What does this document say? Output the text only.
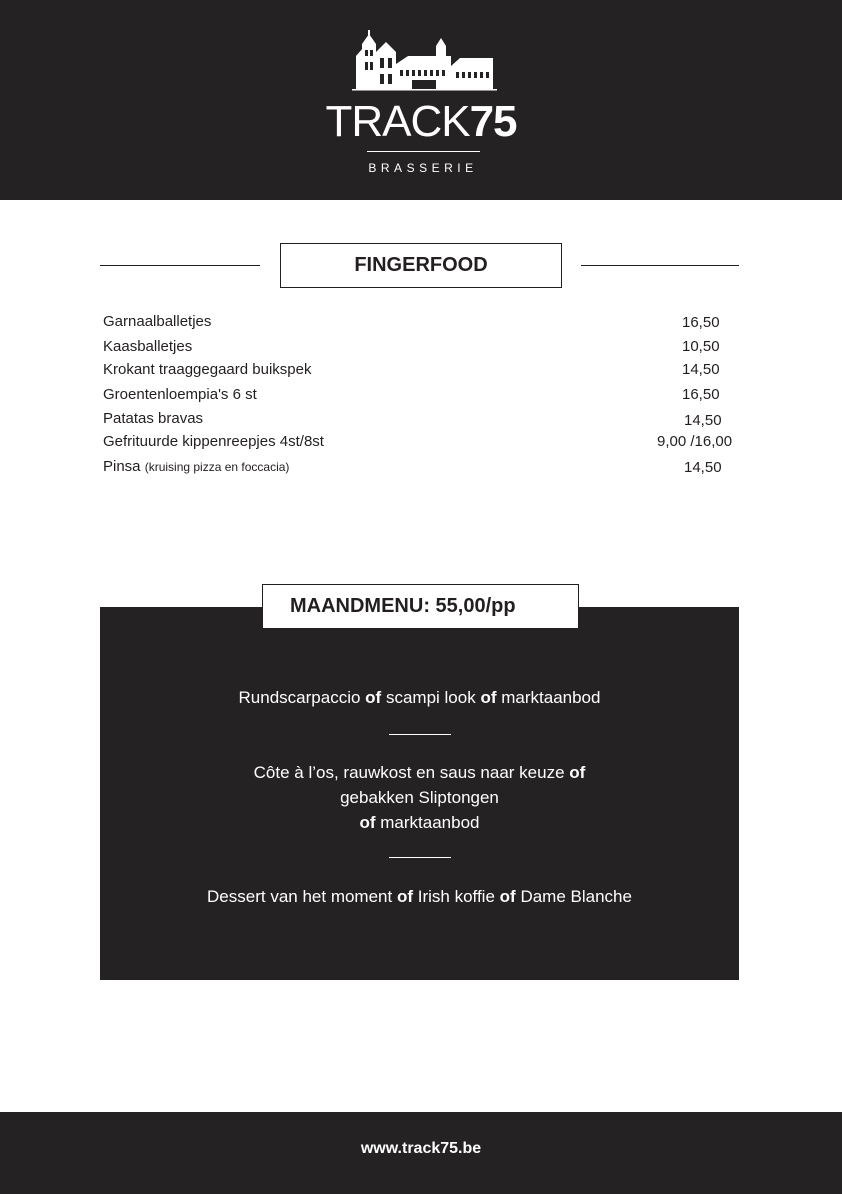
TRACK75
BRASSERIE
FINGERFOOD
Garnaalballetjes	16,50
Kaasballetjes	10,50
Krokant traaggegaard buikspek	14,50
Groentenloempia's 6 st	16,50
Patatas bravas	14,50
Gefrituurde kippenreepjes 4st/8st	9,00 /16,00
Pinsa (kruising pizza en foccacia)	14,50
MAANDMENU: 55,00/pp
Rundscarpaccio of scampi look of marktaanbod
Côte à l’os, rauwkost en saus naar keuze of
gebakken Sliptongen
of marktaanbod
Dessert van het moment of Irish koffie of Dame Blanche
www.track75.be
